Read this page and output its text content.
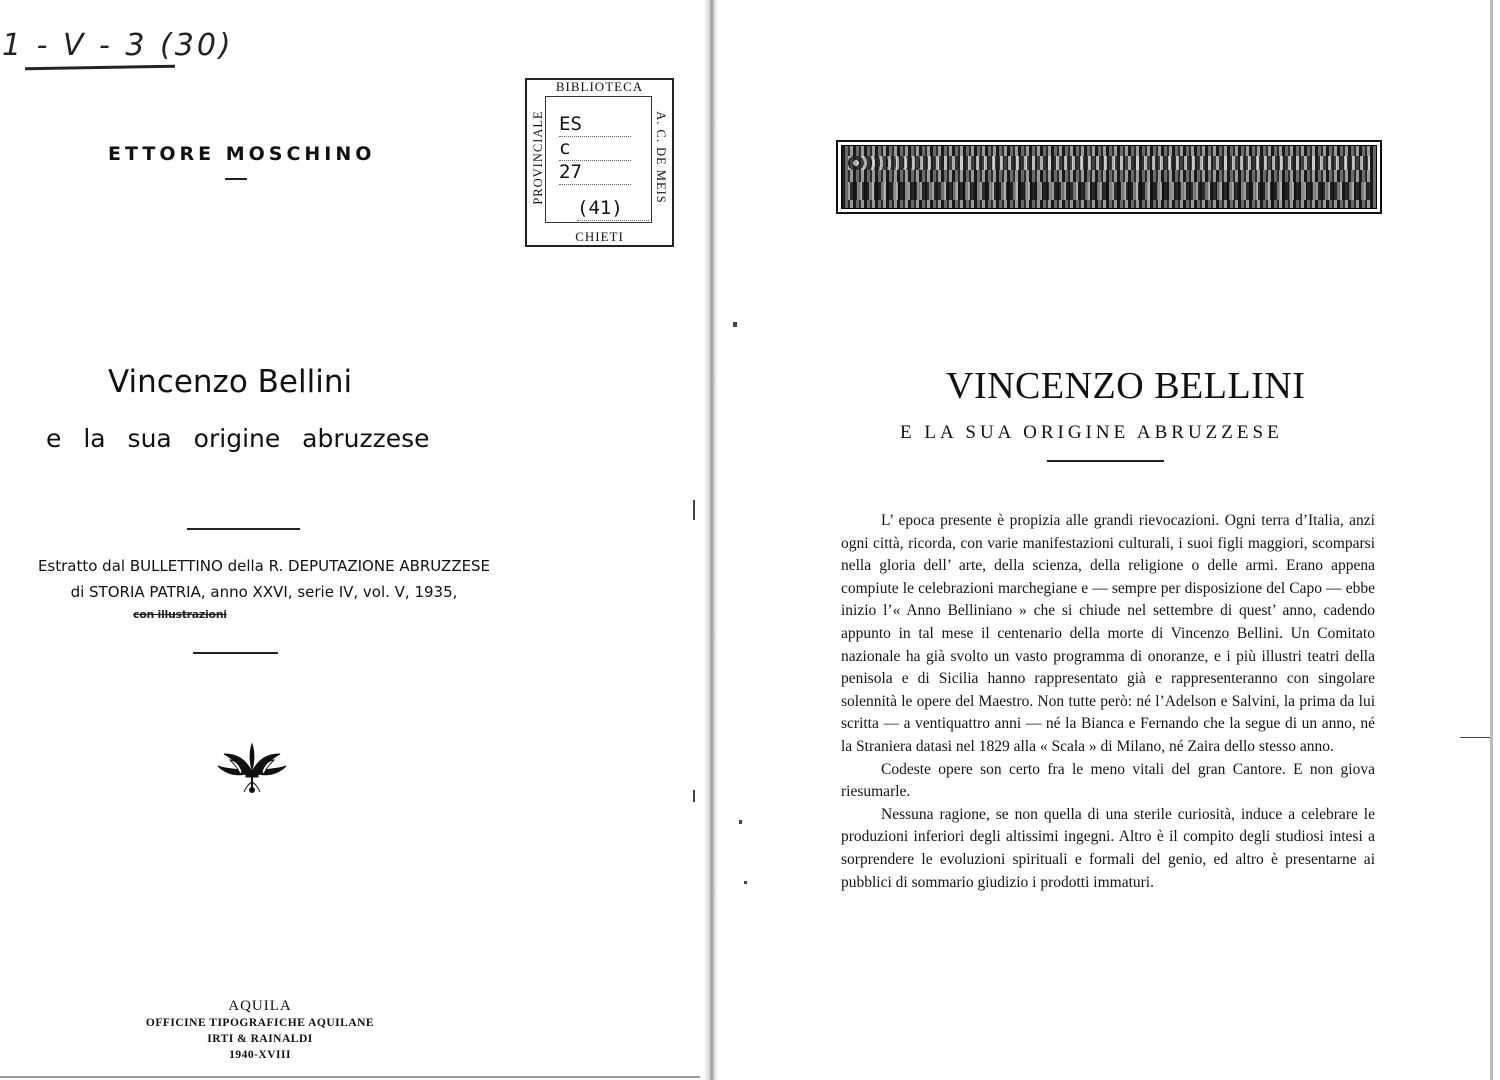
1 - V - 3 (30)
ETTORE MOSCHINO
BIBLIOTECA
PROVINCIALE	A. C. DE MEIS
ES
c
27
(41)
CHIETI
Vincenzo Bellini
e la sua origine abruzzese
Estratto dal BULLETTINO della R. DEPUTAZIONE ABRUZZESE
di STORIA PATRIA, anno XXVI, serie IV, vol. V, 1935,
con illustrazioni
AQUILA
OFFICINE TIPOGRAFICHE AQUILANE
IRTI & RAINALDI
1940-XVIII
VINCENZO BELLINI
E LA SUA ORIGINE ABRUZZESE

L’ epoca presente è propizia alle grandi rievocazioni. Ogni terra d’Italia, anzi ogni città, ricorda, con varie manifestazioni culturali, i suoi figli maggiori, scomparsi nella gloria dell’ arte, della scienza, della religione o delle armi. Erano appena compiute le celebrazioni marchegiane e — sempre per disposizione del Capo — ebbe inizio l’« Anno Belliniano » che si chiude nel settembre di quest’ anno, cadendo appunto in tal mese il centenario della morte di Vincenzo Bellini. Un Comitato nazionale ha già svolto un vasto programma di onoranze, e i più illustri teatri della penisola e di Sicilia hanno rappresentato già e rappresenteranno con singolare solennità le opere del Maestro. Non tutte però: né l’Adelson e Salvini, la prima da lui scritta — a ventiquattro anni — né la Bianca e Fernando che la segue di un anno, né la Straniera datasi nel 1829 alla « Scala » di Milano, né Zaira dello stesso anno.

Codeste opere son certo fra le meno vitali del gran Cantore. E non giova riesumarle.

Nessuna ragione, se non quella di una sterile curiosità, induce a celebrare le produzioni inferiori degli altissimi ingegni. Altro è il compito degli studiosi intesi a sorprendere le evoluzioni spirituali e formali del genio, ed altro è presentarne ai pubblici di sommario giudizio i prodotti immaturi.
